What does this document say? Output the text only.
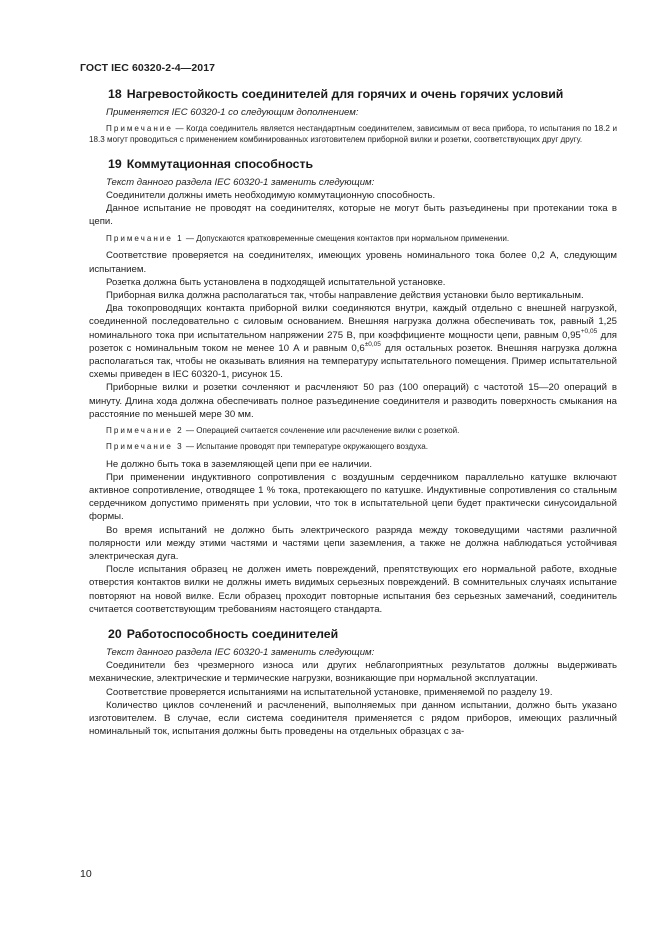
ГОСТ IEC 60320-2-4—2017
18 Нагревостойкость соединителей для горячих и очень горячих условий

Применяется IEC 60320-1 со следующим дополнением:

Примечание — Когда соединитель является нестандартным соединителем, зависимым от веса прибора, то испытания по 18.2 и 18.3 могут проводиться с применением комбинированных изготовителем приборной вилки и розетки, соответствующих друг другу.

19 Коммутационная способность

Текст данного раздела IEC 60320-1 заменить следующим:

Соединители должны иметь необходимую коммутационную способность.

Данное испытание не проводят на соединителях, которые не могут быть разъединены при протекании тока в цепи.

Примечание 1 — Допускаются кратковременные смещения контактов при нормальном применении.

Соответствие проверяется на соединителях, имеющих уровень номинального тока более 0,2 А, следующим испытанием.

Розетка должна быть установлена в подходящей испытательной установке.

Приборная вилка должна располагаться так, чтобы направление действия установки было вертикальным.

Два токопроводящих контакта приборной вилки соединяются внутри, каждый отдельно с внешней нагрузкой, соединенной последовательно с силовым основанием. Внешняя нагрузка должна обеспечивать ток, равный 1,25 номинального тока при испытательном напряжении 275 В, при коэффициенте мощности цепи, равным $0,95^{+0,05}$ для розеток с номинальным током не менее 10 А и равным $0,6^{\pm 0,05}$ для остальных розеток. Внешняя нагрузка должна располагаться так, чтобы не оказывать влияния на температуру испытательного помещения. Пример испытательной схемы приведен в IEC 60320-1, рисунок 15.

Приборные вилки и розетки сочленяют и расчленяют 50 раз (100 операций) с частотой 15—20 операций в минуту. Длина хода должна обеспечивать полное разъединение соединителя и разводить поверхность смыкания на расстояние по меньшей мере 30 мм.

Примечание 2 — Операцией считается сочленение или расчленение вилки с розеткой.

Примечание 3 — Испытание проводят при температуре окружающего воздуха.

Не должно быть тока в заземляющей цепи при ее наличии.

При применении индуктивного сопротивления с воздушным сердечником параллельно катушке включают активное сопротивление, отводящее 1 % тока, протекающего по катушке. Индуктивные сопротивления со стальным сердечником допустимо применять при условии, что ток в испытательной цепи будет практически синусоидальной формы.

Во время испытаний не должно быть электрического разряда между токоведущими частями различной полярности или между этими частями и частями цепи заземления, а также не должна наблюдаться устойчивая электрическая дуга.

После испытания образец не должен иметь повреждений, препятствующих его нормальной работе, входные отверстия контактов вилки не должны иметь видимых серьезных повреждений. В сомнительных случаях испытание повторяют на новой вилке. Если образец проходит повторные испытания без серьезных замечаний, соединитель считается соответствующим требованиям настоящего стандарта.

20 Работоспособность соединителей

Текст данного раздела IEC 60320-1 заменить следующим:

Соединители без чрезмерного износа или других неблагоприятных результатов должны выдерживать механические, электрические и термические нагрузки, возникающие при нормальной эксплуатации.

Соответствие проверяется испытаниями на испытательной установке, применяемой по разделу 19.

Количество циклов сочленений и расчленений, выполняемых при данном испытании, должно быть указано изготовителем. В случае, если система соединителя применяется с рядом приборов, имеющих различный номинальный ток, испытания должны быть проведены на отдельных образцах с за-

10
